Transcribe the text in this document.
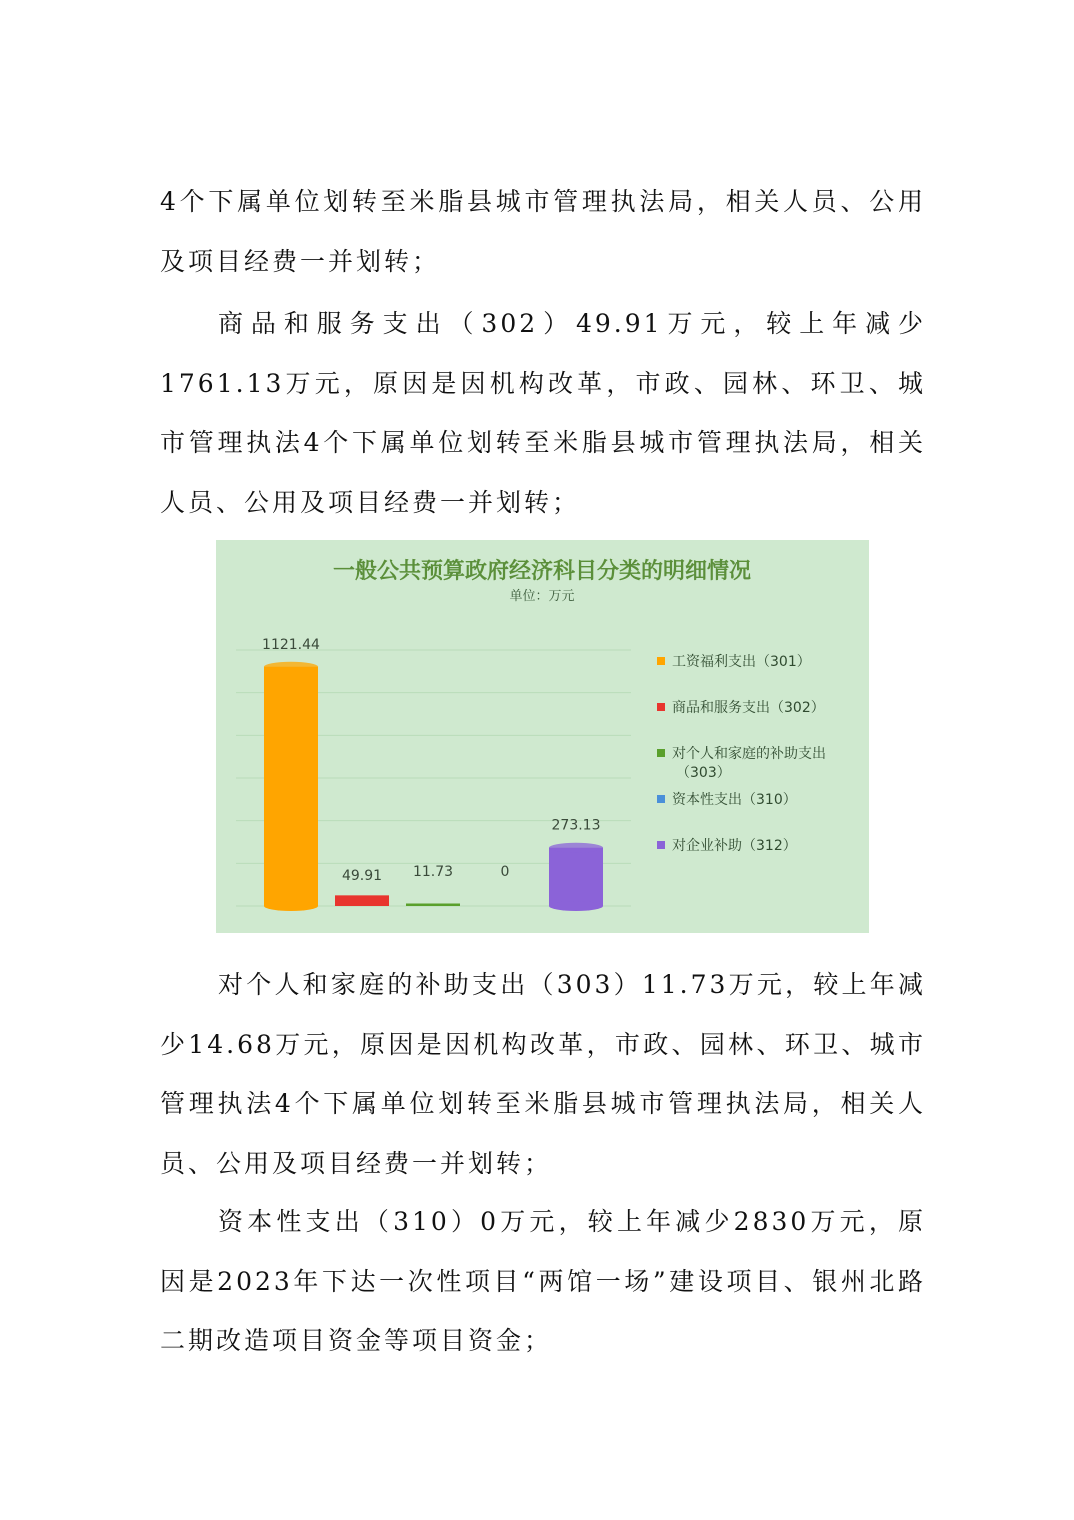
4个下属单位划转至米脂县城市管理执法局，相关人员、公用及项目经费一并划转；

商品和服务支出（302）49.91万元，较上年减少1761.13万元，原因是因机构改革，市政、园林、环卫、城市管理执法4个下属单位划转至米脂县城市管理执法局，相关人员、公用及项目经费一并划转；

一般公共预算政府经济科目分类的明细情况
单位：万元
1121.44
49.91 11.73	0
273.13
工资福利支出（301）
商品和服务支出（302）
对个人和家庭的补助支出
（303）
资本性支出（310）
对企业补助（312）

对个人和家庭的补助支出（303）11.73万元，较上年减少14.68万元，原因是因机构改革，市政、园林、环卫、城市管理执法4个下属单位划转至米脂县城市管理执法局，相关人员、公用及项目经费一并划转；

资本性支出（310）0万元，较上年减少2830万元，原因是2023年下达一次性项目“两馆一场”建设项目、银州北路二期改造项目资金等项目资金；
